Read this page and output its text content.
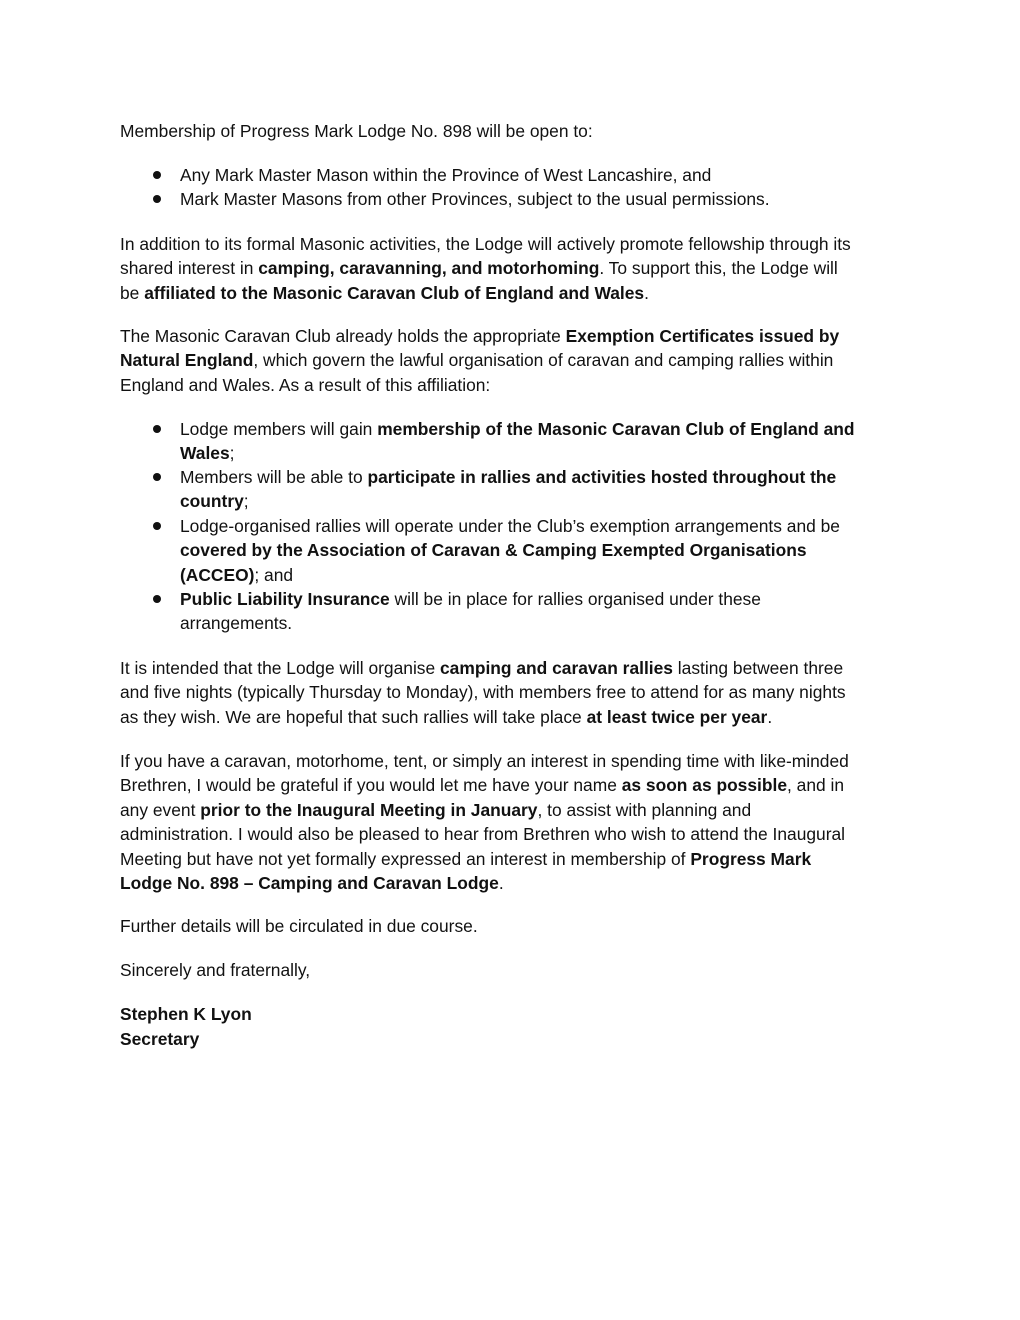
Membership of Progress Mark Lodge No. 898 will be open to:
Any Mark Master Mason within the Province of West Lancashire, and
Mark Master Masons from other Provinces, subject to the usual permissions.
In addition to its formal Masonic activities, the Lodge will actively promote fellowship through its
shared interest in camping, caravanning, and motorhoming. To support this, the Lodge will
be affiliated to the Masonic Caravan Club of England and Wales.
The Masonic Caravan Club already holds the appropriate Exemption Certificates issued by
Natural England, which govern the lawful organisation of caravan and camping rallies within
England and Wales. As a result of this affiliation:
Lodge members will gain membership of the Masonic Caravan Club of England and
Wales;
Members will be able to participate in rallies and activities hosted throughout the
country;
Lodge-organised rallies will operate under the Club’s exemption arrangements and be
covered by the Association of Caravan & Camping Exempted Organisations
(ACCEO); and
Public Liability Insurance will be in place for rallies organised under these
arrangements.
It is intended that the Lodge will organise camping and caravan rallies lasting between three
and five nights (typically Thursday to Monday), with members free to attend for as many nights
as they wish. We are hopeful that such rallies will take place at least twice per year.
If you have a caravan, motorhome, tent, or simply an interest in spending time with like-minded
Brethren, I would be grateful if you would let me have your name as soon as possible, and in
any event prior to the Inaugural Meeting in January, to assist with planning and
administration. I would also be pleased to hear from Brethren who wish to attend the Inaugural
Meeting but have not yet formally expressed an interest in membership of Progress Mark
Lodge No. 898 – Camping and Caravan Lodge.
Further details will be circulated in due course.
Sincerely and fraternally,
Stephen K Lyon
Secretary
